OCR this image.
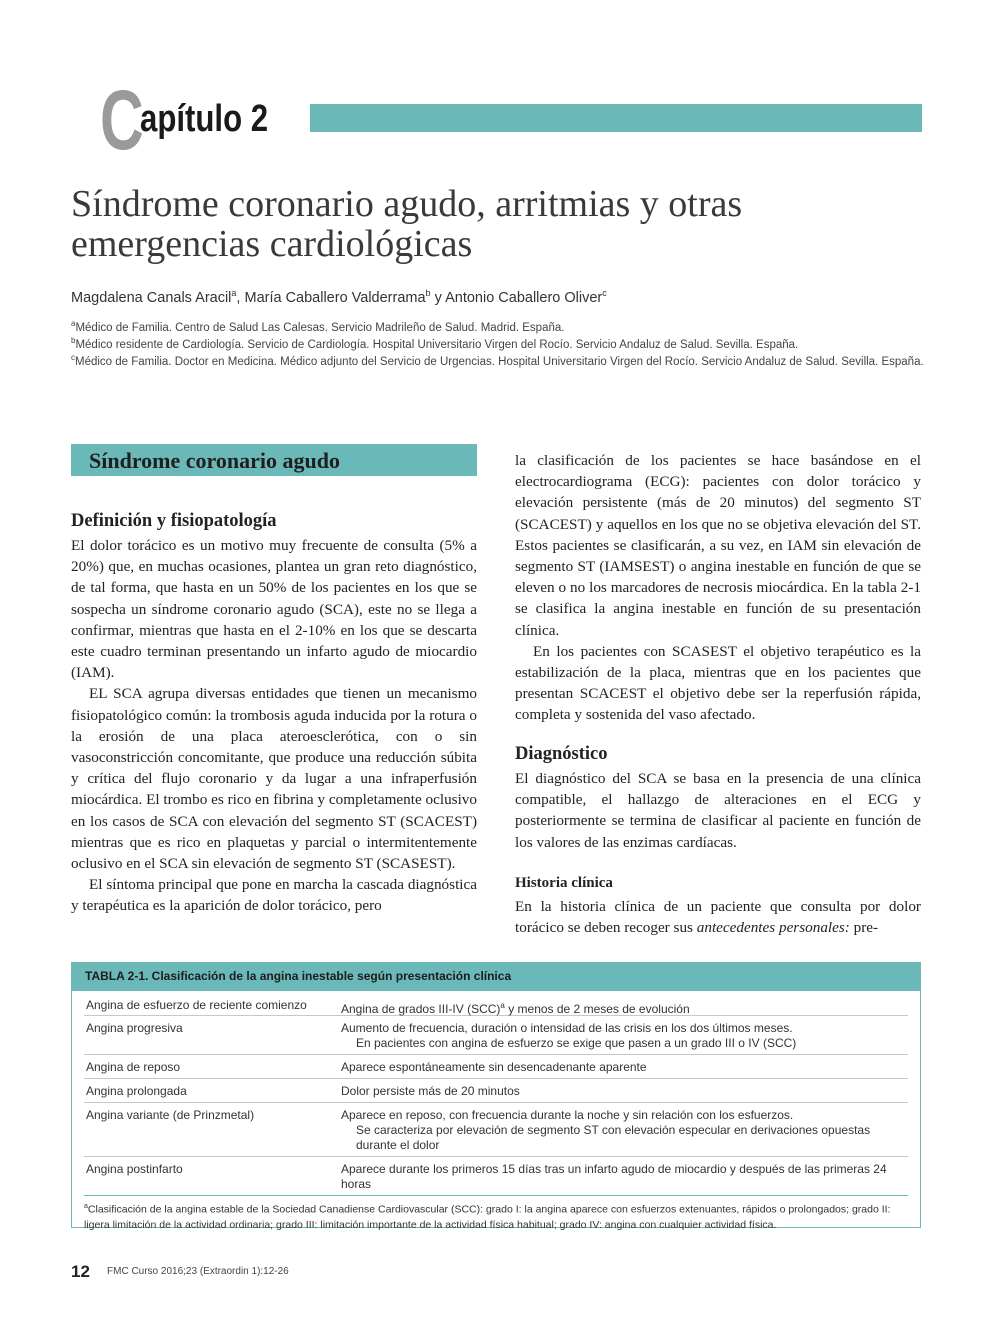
C
apítulo 2
Síndrome coronario agudo, arritmias y otras
emergencias cardiológicas
Magdalena Canals Aracil$^a$, María Caballero Valderrama$^b$ y Antonio Caballero Oliver$^c$
$^a$Médico de Familia. Centro de Salud Las Calesas. Servicio Madrileño de Salud. Madrid. España.
$^b$Médico residente de Cardiología. Servicio de Cardiología. Hospital Universitario Virgen del Rocío. Servicio Andaluz de Salud. Sevilla. España.
$^c$Médico de Familia. Doctor en Medicina. Médico adjunto del Servicio de Urgencias. Hospital Universitario Virgen del Rocío. Servicio Andaluz de Salud. Sevilla. España.
Síndrome coronario agudo
Definición y fisiopatología

El dolor torácico es un motivo muy frecuente de consulta (5% a 20%) que, en muchas ocasiones, plantea un gran reto diagnóstico, de tal forma, que hasta en un 50% de los pacientes en los que se sospecha un síndrome coronario agudo (SCA), este no se llega a confirmar, mientras que hasta en el 2-10% en los que se descarta este cuadro terminan presentando un infarto agudo de miocardio (IAM).

EL SCA agrupa diversas entidades que tienen un mecanismo fisiopatológico común: la trombosis aguda inducida por la rotura o la erosión de una placa ateroesclerótica, con o sin vasoconstricción concomitante, que produce una reducción súbita y crítica del flujo coronario y da lugar a una infraperfusión miocárdica. El trombo es rico en fibrina y completamente oclusivo en los casos de SCA con elevación del segmento ST (SCACEST) mientras que es rico en plaquetas y parcial o intermitentemente oclusivo en el SCA sin elevación de segmento ST (SCASEST).

El síntoma principal que pone en marcha la cascada diagnóstica y terapéutica es la aparición de dolor torácico, pero

la clasificación de los pacientes se hace basándose en el electrocardiograma (ECG): pacientes con dolor torácico y elevación persistente (más de 20 minutos) del segmento ST (SCACEST) y aquellos en los que no se objetiva elevación del ST. Estos pacientes se clasificarán, a su vez, en IAM sin elevación de segmento ST (IAMSEST) o angina inestable en función de que se eleven o no los marcadores de necrosis miocárdica. En la tabla 2-1 se clasifica la angina inestable en función de su presentación clínica.

En los pacientes con SCASEST el objetivo terapéutico es la estabilización de la placa, mientras que en los pacientes que presentan SCACEST el objetivo debe ser la reperfusión rápida, completa y sostenida del vaso afectado.

Diagnóstico

El diagnóstico del SCA se basa en la presencia de una clínica compatible, el hallazgo de alteraciones en el ECG y posteriormente se termina de clasificar al paciente en función de los valores de las enzimas cardíacas.

Historia clínica

En la historia clínica de un paciente que consulta por dolor torácico se deben recoger sus antecedentes personales: pre-

TABLA 2-1. Clasificación de la angina inestable según presentación clínica
Angina de esfuerzo de reciente comienzo	Angina de grados III-IV (SCC)$^a$ y menos de 2 meses de evolución
Angina progresiva	Aumento de frecuencia, duración o intensidad de las crisis en los dos últimos meses.
En pacientes con angina de esfuerzo se exige que pasen a un grado III o IV (SCC)
Angina de reposo	Aparece espontáneamente sin desencadenante aparente
Angina prolongada	Dolor persiste más de 20 minutos
Angina variante (de Prinzmetal)	Aparece en reposo, con frecuencia durante la noche y sin relación con los esfuerzos.
Se caracteriza por elevación de segmento ST con elevación especular en derivaciones opuestas durante el dolor
Angina postinfarto	Aparece durante los primeros 15 días tras un infarto agudo de miocardio y después de las primeras 24 horas
$^a$Clasificación de la angina estable de la Sociedad Canadiense Cardiovascular (SCC): grado I: la angina aparece con esfuerzos extenuantes, rápidos o prolongados; grado II: ligera limitación de la actividad ordinaria; grado III: limitación importante de la actividad física habitual; grado IV: angina con cualquier actividad física.
12 FMC Curso 2016;23 (Extraordin 1):12-26
